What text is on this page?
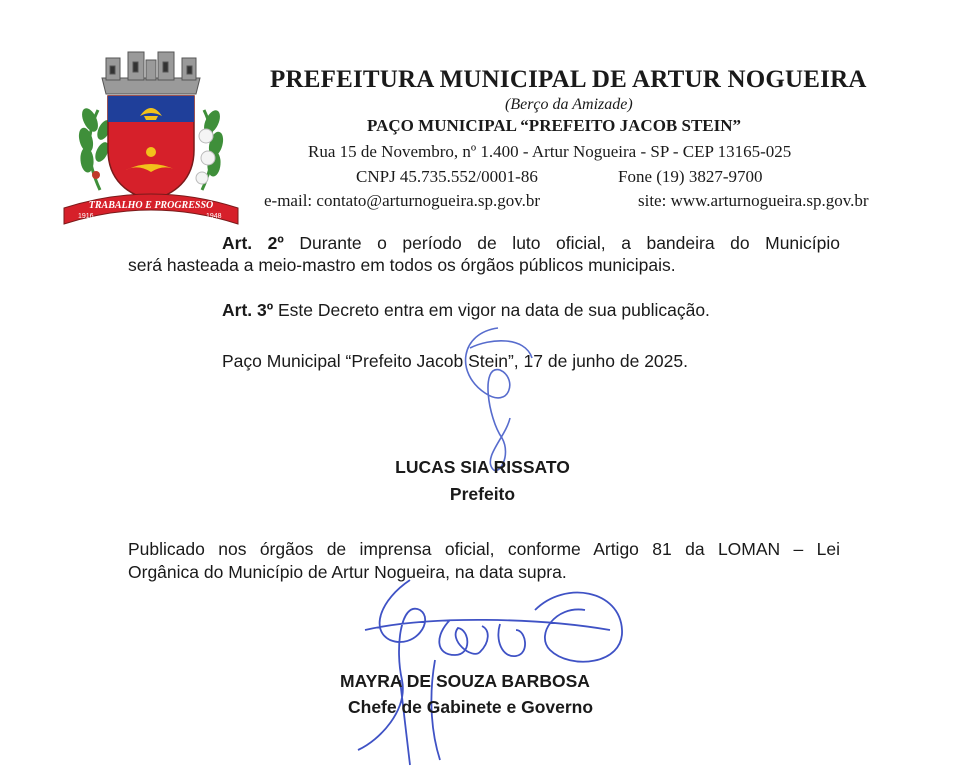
TRABALHO E PROGRESSO
1916	1948
PREFEITURA MUNICIPAL DE ARTUR NOGUEIRA
(Berço da Amizade)
PAÇO MUNICIPAL “PREFEITO JACOB STEIN”
Rua 15 de Novembro, nº 1.400 - Artur Nogueira - SP - CEP 13165-025
CNPJ 45.735.552/0001-86	Fone (19) 3827-9700
e-mail: contato@arturnogueira.sp.gov.br	site: www.arturnogueira.sp.gov.br
Art. 2º Durante o período de luto oficial, a bandeira do Município
será hasteada a meio-mastro em todos os órgãos públicos municipais.
Art. 3º Este Decreto entra em vigor na data de sua publicação.
Paço Municipal “Prefeito Jacob Stein”, 17 de junho de 2025.
LUCAS SIA RISSATO
Prefeito
Publicado nos órgãos de imprensa oficial, conforme Artigo 81 da LOMAN – Lei
Orgânica do Município de Artur Nogueira, na data supra.
MAYRA DE SOUZA BARBOSA
Chefe de Gabinete e Governo
